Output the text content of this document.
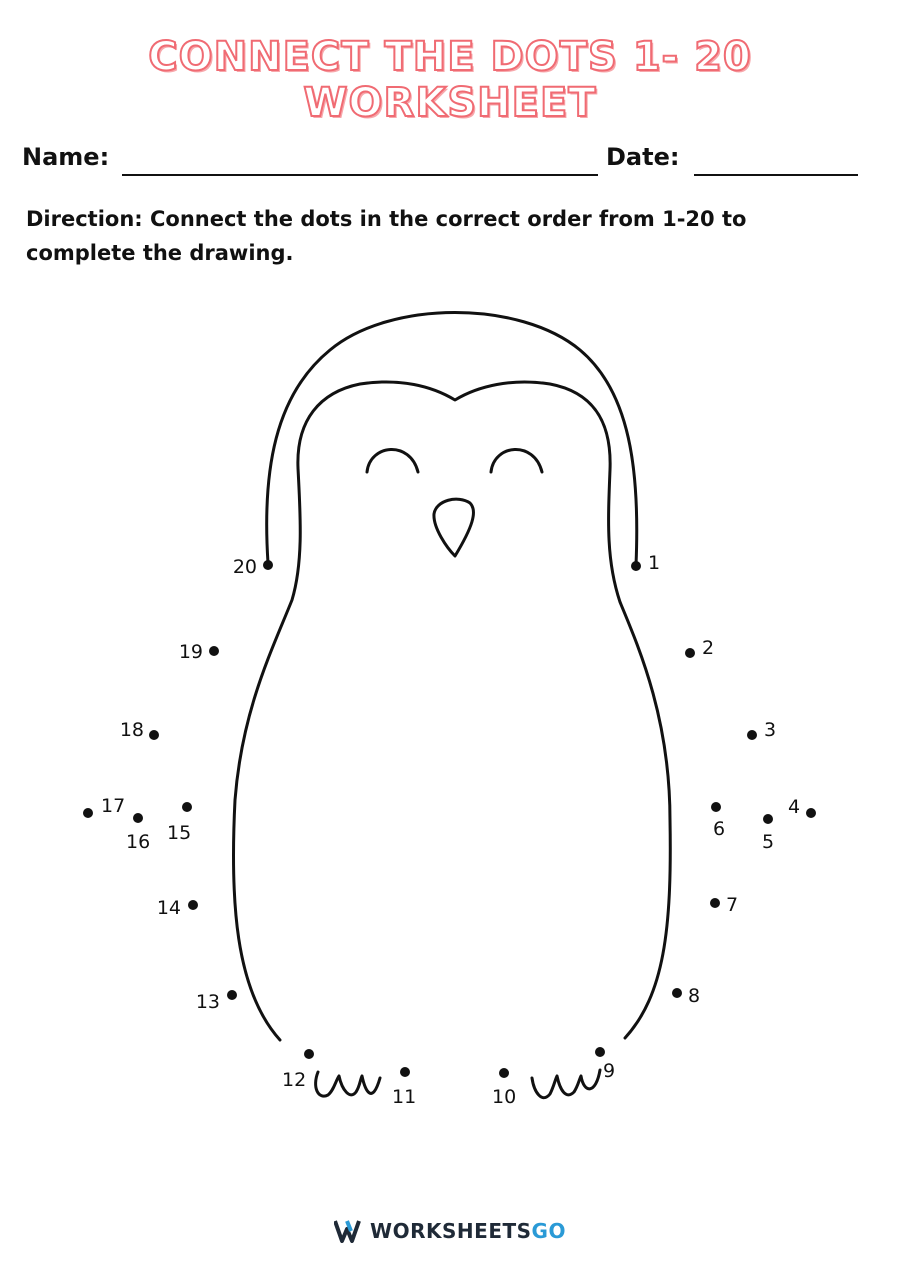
CONNECT THE DOTS 1- 20 WORKSHEET
Name:	Date:
Direction: Connect the dots in the correct order from 1-20 to complete the drawing.
1
2
3
4
5
6
7
8
9
10
11
12
13
14
15
16
17
18
19
20
WORKSHEETSGO
